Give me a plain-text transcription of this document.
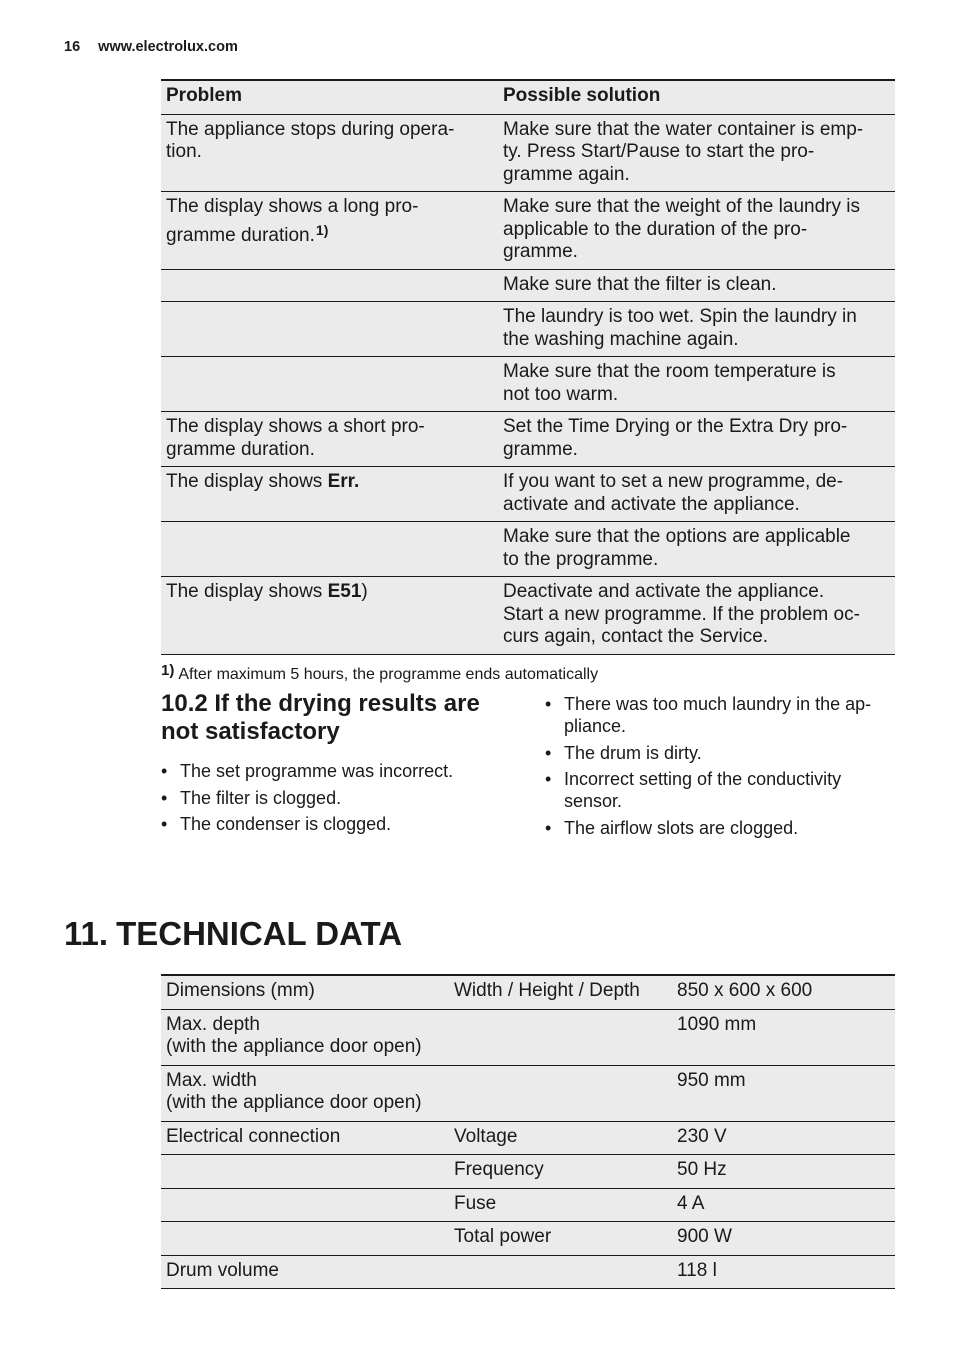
16 www.electrolux.com
Problem	Possible solution
The appliance stops during opera-
tion.	Make sure that the water container is emp-
ty. Press Start/Pause to start the pro-
gramme again.
The display shows a long pro-
gramme duration.$^{1)}$	Make sure that the weight of the laundry is
applicable to the duration of the pro-
gramme.
	Make sure that the filter is clean.
	The laundry is too wet. Spin the laundry in
the washing machine again.
	Make sure that the room temperature is
not too warm.
The display shows a short pro-
gramme duration.	Set the Time Drying or the Extra Dry pro-
gramme.
The display shows Err.	If you want to set a new programme, de-
activate and activate the appliance.
	Make sure that the options are applicable
to the programme.
The display shows E51)	Deactivate and activate the appliance.
Start a new programme. If the problem oc-
curs again, contact the Service.
1) After maximum 5 hours, the programme ends automatically
10.2 If the drying results are not satisfactory
• The set programme was incorrect.
• The filter is clogged.
• The condenser is clogged.
• There was too much laundry in the ap-
pliance.
• The drum is dirty.
• Incorrect setting of the conductivity
sensor.
• The airflow slots are clogged.
11. TECHNICAL DATA
Dimensions (mm)	Width / Height / Depth	850 x 600 x 600
Max. depth
(with the appliance door open)		1090 mm
Max. width
(with the appliance door open)		950 mm
Electrical connection	Voltage	230 V
	Frequency	50 Hz
	Fuse	4 A
	Total power	900 W
Drum volume		118 l
